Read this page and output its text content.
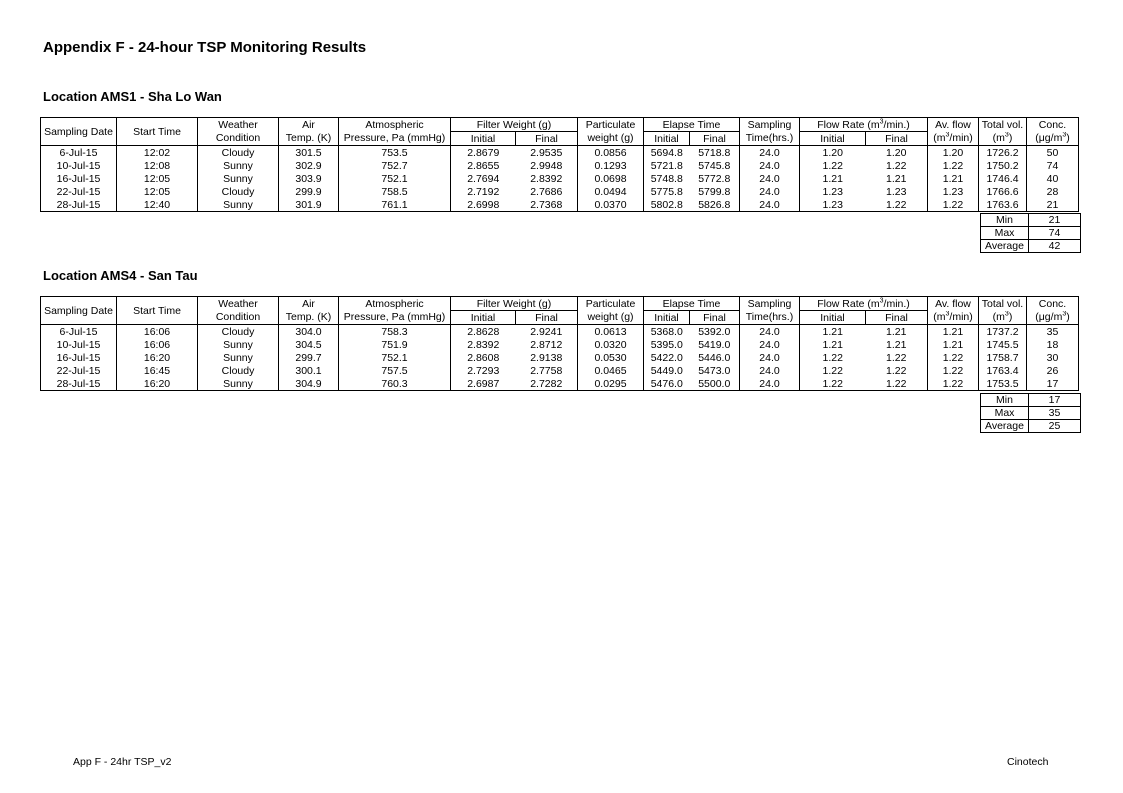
Appendix F - 24-hour TSP Monitoring Results
Location AMS1 - Sha Lo Wan
Sampling Date	Start Time	Weather	Air	Atmospheric	Filter Weight (g)		Particulate	Elapse Time		Sampling	Flow Rate $(m^3/\min.)$		Av. flow	Total vol.	Conc.
		Condition	Temp. (K)	Pressure, Pa (mmHg)	Initial	Final	weight (g)	Initial	Final	Time(hrs.)	Initial	Final	$(m^3/\min)$	$(m^3)$	$(\mu g/m^3)$
6-Jul-15	12:02	Cloudy	301.5	753.5	2.8679	2.9535	0.0856	5694.8	5718.8	24.0	1.20	1.20	1.20	1726.2	50
10-Jul-15	12:08	Sunny	302.9	752.7	2.8655	2.9948	0.1293	5721.8	5745.8	24.0	1.22	1.22	1.22	1750.2	74
16-Jul-15	12:05	Sunny	303.9	752.1	2.7694	2.8392	0.0698	5748.8	5772.8	24.0	1.21	1.21	1.21	1746.4	40
22-Jul-15	12:05	Cloudy	299.9	758.5	2.7192	2.7686	0.0494	5775.8	5799.8	24.0	1.23	1.23	1.23	1766.6	28
28-Jul-15	12:40	Sunny	301.9	761.1	2.6998	2.7368	0.0370	5802.8	5826.8	24.0	1.23	1.22	1.22	1763.6	21
Min	21
Max	74
Average	42
Location AMS4 - San Tau
Sampling Date	Start Time	Weather	Air	Atmospheric	Filter Weight (g)		Particulate	Elapse Time		Sampling	Flow Rate $(m^3/\min.)$		Av. flow	Total vol.	Conc.
		Condition	Temp. (K)	Pressure, Pa (mmHg)	Initial	Final	weight (g)	Initial	Final	Time(hrs.)	Initial	Final	$(m^3/\min)$	$(m^3)$	$(\mu g/m^3)$
6-Jul-15	16:06	Cloudy	304.0	758.3	2.8628	2.9241	0.0613	5368.0	5392.0	24.0	1.21	1.21	1.21	1737.2	35
10-Jul-15	16:06	Sunny	304.5	751.9	2.8392	2.8712	0.0320	5395.0	5419.0	24.0	1.21	1.21	1.21	1745.5	18
16-Jul-15	16:20	Sunny	299.7	752.1	2.8608	2.9138	0.0530	5422.0	5446.0	24.0	1.22	1.22	1.22	1758.7	30
22-Jul-15	16:45	Cloudy	300.1	757.5	2.7293	2.7758	0.0465	5449.0	5473.0	24.0	1.22	1.22	1.22	1763.4	26
28-Jul-15	16:20	Sunny	304.9	760.3	2.6987	2.7282	0.0295	5476.0	5500.0	24.0	1.22	1.22	1.22	1753.5	17
Min	17
Max	35
Average	25
App F - 24hr TSP_v2	Cinotech
